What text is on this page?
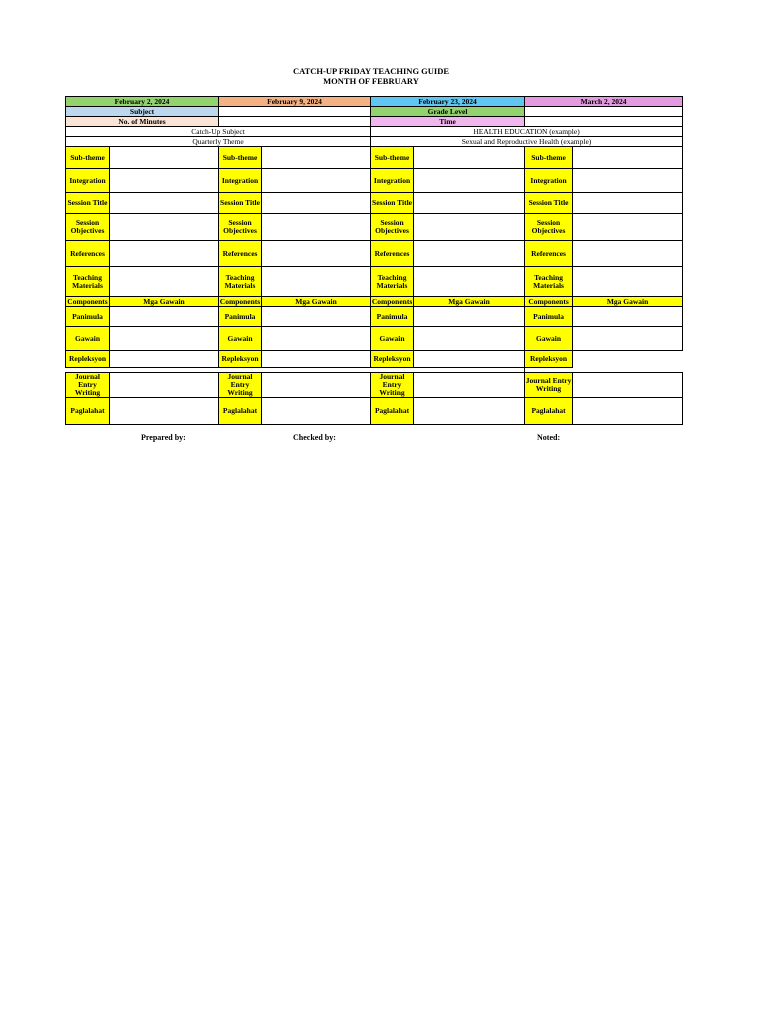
CATCH-UP FRIDAY TEACHING GUIDE
MONTH OF FEBRUARY
February 2, 2024		February 9, 2024		February 23, 2024		March 2, 2024	
Subject				Grade Level			
No. of Minutes				Time			
Catch-Up Subject				HEALTH EDUCATION (example)			
Quarterly Theme				Sexual and Reproductive Health (example)			
Sub-theme		Sub-theme		Sub-theme		Sub-theme	
Integration		Integration		Integration		Integration	
Session Title		Session Title		Session Title		Session Title	
Session Objectives		Session Objectives		Session Objectives		Session Objectives	
References		References		References		References	
Teaching Materials		Teaching Materials		Teaching Materials		Teaching Materials	
Components	Mga Gawain	Components	Mga Gawain	Components	Mga Gawain	Components	Mga Gawain
Panimula		Panimula		Panimula		Panimula	
Gawain		Gawain		Gawain		Gawain	
Repleksyon		Repleksyon		Repleksyon		Repleksyon	

Journal Entry Writing		Journal Entry Writing		Journal Entry Writing		Journal Entry Writing	
Paglalahat		Paglalahat		Paglalahat		Paglalahat	
Prepared by:	Checked by:	Noted:
